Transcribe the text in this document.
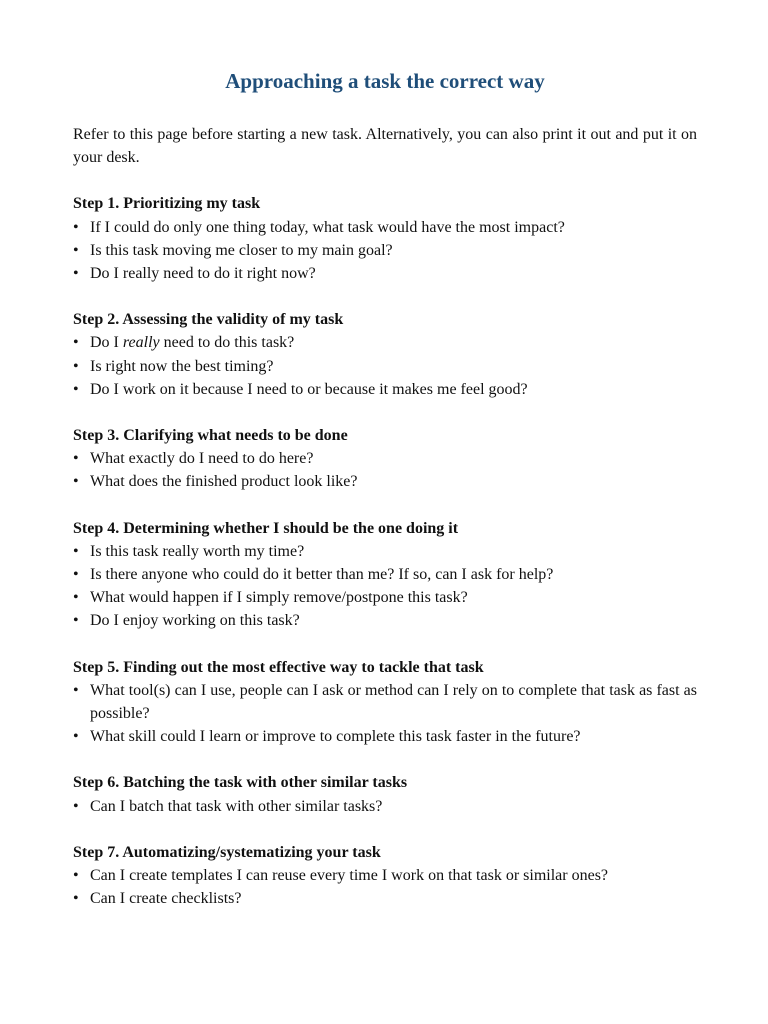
Approaching a task the correct way

Refer to this page before starting a new task. Alternatively, you can also print it out and put it on your desk.

Step 1. Prioritizing my task

• If I could do only one thing today, what task would have the most impact?
• Is this task moving me closer to my main goal?
• Do I really need to do it right now?

Step 2. Assessing the validity of my task

• Do I really need to do this task?
• Is right now the best timing?
• Do I work on it because I need to or because it makes me feel good?

Step 3. Clarifying what needs to be done

• What exactly do I need to do here?
• What does the finished product look like?

Step 4. Determining whether I should be the one doing it

• Is this task really worth my time?
• Is there anyone who could do it better than me? If so, can I ask for help?
• What would happen if I simply remove/postpone this task?
• Do I enjoy working on this task?

Step 5. Finding out the most effective way to tackle that task

• What tool(s) can I use, people can I ask or method can I rely on to complete that task as fast as possible?
• What skill could I learn or improve to complete this task faster in the future?

Step 6. Batching the task with other similar tasks

• Can I batch that task with other similar tasks?

Step 7. Automatizing/systematizing your task

• Can I create templates I can reuse every time I work on that task or similar ones?
• Can I create checklists?
